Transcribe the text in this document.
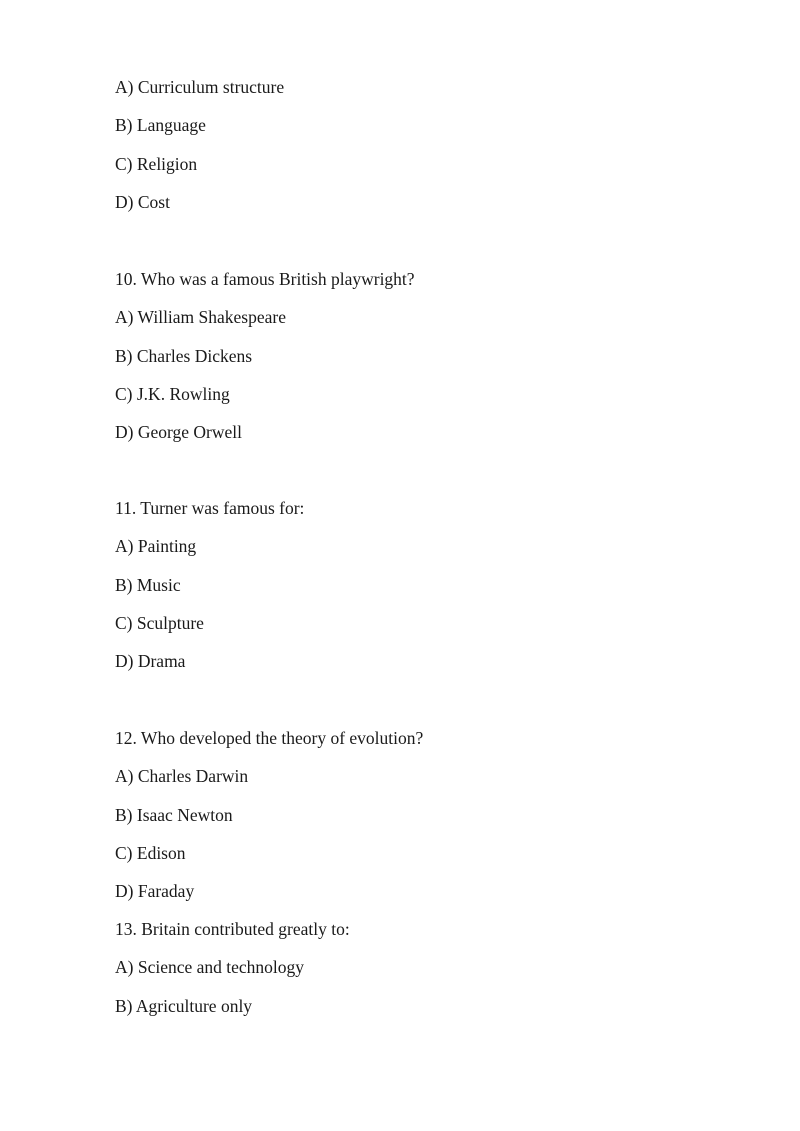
A) Curriculum structure
B) Language
C) Religion
D) Cost
10. Who was a famous British playwright?
A) William Shakespeare
B) Charles Dickens
C) J.K. Rowling
D) George Orwell
11. Turner was famous for:
A) Painting
B) Music
C) Sculpture
D) Drama
12. Who developed the theory of evolution?
A) Charles Darwin
B) Isaac Newton
C) Edison
D) Faraday
13. Britain contributed greatly to:
A) Science and technology
B) Agriculture only
